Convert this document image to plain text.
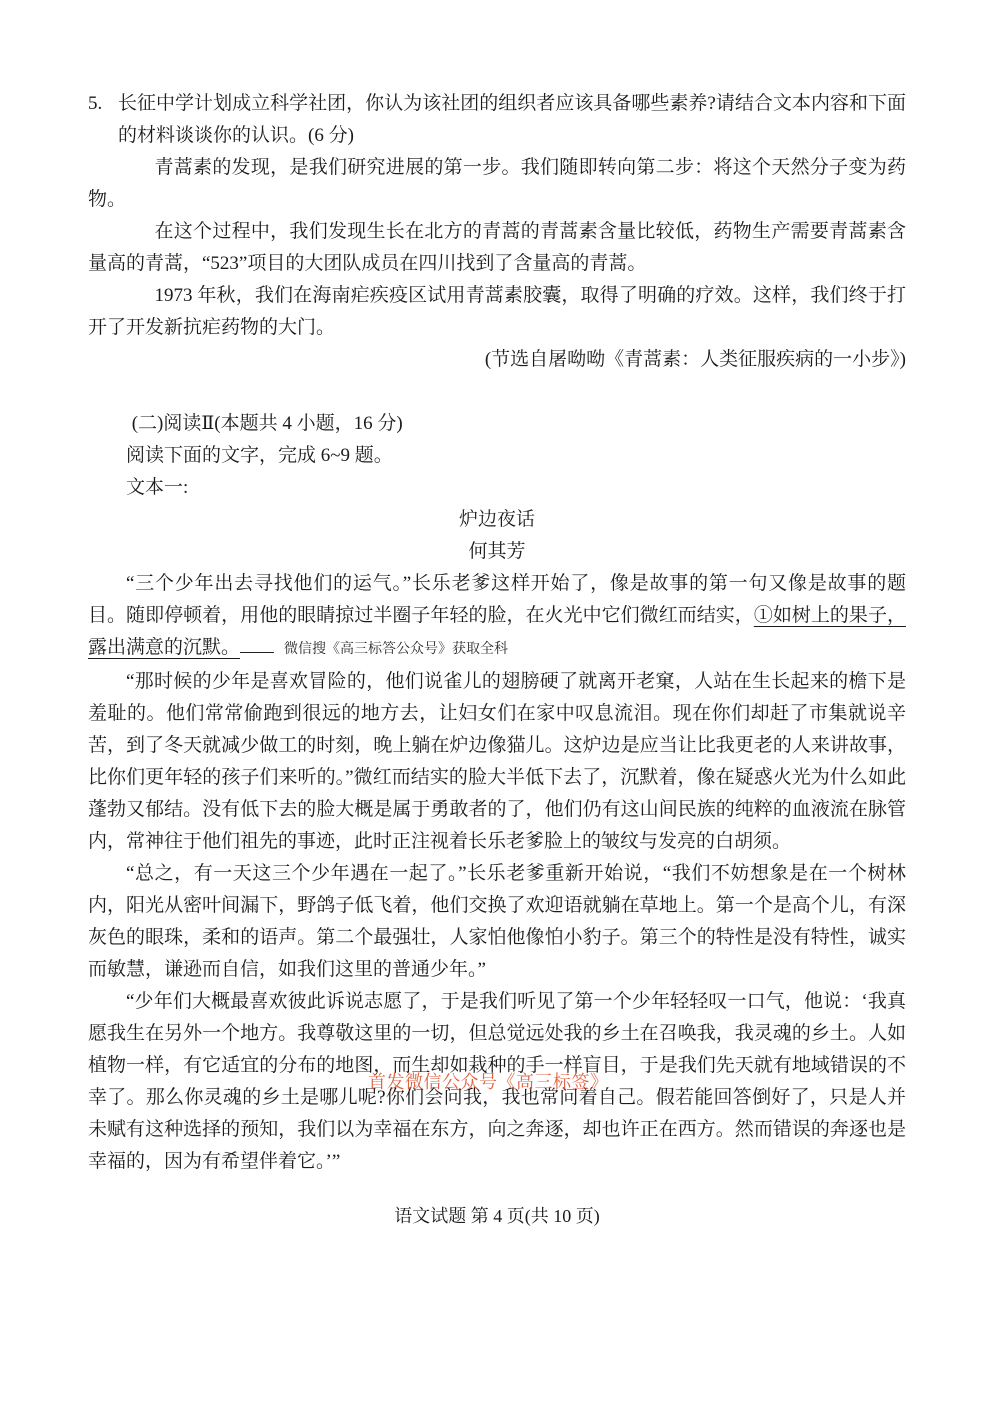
5. 长征中学计划成立科学社团，你认为该社团的组织者应该具备哪些素养?请结合文本内容和下面的材料谈谈你的认识。(6 分)

青蒿素的发现，是我们研究进展的第一步。我们随即转向第二步：将这个天然分子变为药物。

在这个过程中，我们发现生长在北方的青蒿的青蒿素含量比较低，药物生产需要青蒿素含量高的青蒿，“523”项目的大团队成员在四川找到了含量高的青蒿。

1973 年秋，我们在海南疟疾疫区试用青蒿素胶囊，取得了明确的疗效。这样，我们终于打开了开发新抗疟药物的大门。

(节选自屠呦呦《青蒿素：人类征服疾病的一小步》)

(二)阅读Ⅱ(本题共 4 小题，16 分)

阅读下面的文字，完成 6~9 题。

文本一:

炉边夜话

何其芳

“三个少年出去寻找他们的运气。”长乐老爹这样开始了，像是故事的第一句又像是故事的题目。随即停顿着，用他的眼睛掠过半圈子年轻的脸，在火光中它们微红而结实，①如树上的果子，露出满意的沉默。	微信搜《高三标答公众号》获取全科

“那时候的少年是喜欢冒险的，他们说雀儿的翅膀硬了就离开老窠，人站在生长起来的檐下是羞耻的。他们常常偷跑到很远的地方去，让妇女们在家中叹息流泪。现在你们却赶了市集就说辛苦，到了冬天就减少做工的时刻，晚上躺在炉边像猫儿。这炉边是应当让比我更老的人来讲故事，比你们更年轻的孩子们来听的。”微红而结实的脸大半低下去了，沉默着，像在疑惑火光为什么如此蓬勃又郁结。没有低下去的脸大概是属于勇敢者的了，他们仍有这山间民族的纯粹的血液流在脉管内，常神往于他们祖先的事迹，此时正注视着长乐老爹脸上的皱纹与发亮的白胡须。

“总之，有一天这三个少年遇在一起了。”长乐老爹重新开始说，“我们不妨想象是在一个树林内，阳光从密叶间漏下，野鸽子低飞着，他们交换了欢迎语就躺在草地上。第一个是高个儿，有深灰色的眼珠，柔和的语声。第二个最强壮，人家怕他像怕小豹子。第三个的特性是没有特性，诚实而敏慧，谦逊而自信，如我们这里的普通少年。”

“少年们大概最喜欢彼此诉说志愿了，于是我们听见了第一个少年轻轻叹一口气，他说：‘我真愿我生在另外一个地方。我尊敬这里的一切，但总觉远处我的乡土在召唤我，我灵魂的乡土。人如植物一样，有它适宜的分布的地图，而生却如栽种的手一样盲目，于是我们先天就有地域错误的不幸了。那么你灵魂的乡土是哪儿呢?你们会问我，我也常问着自己。假若能回答倒好了，只是人并未赋有这种选择的预知，我们以为幸福在东方，向之奔逐，却也许正在西方。然而错误的奔逐也是幸福的，因为有希望伴着它。’”

语文试题 第 4 页(共 10 页)

首发微信公众号《高三标签》
